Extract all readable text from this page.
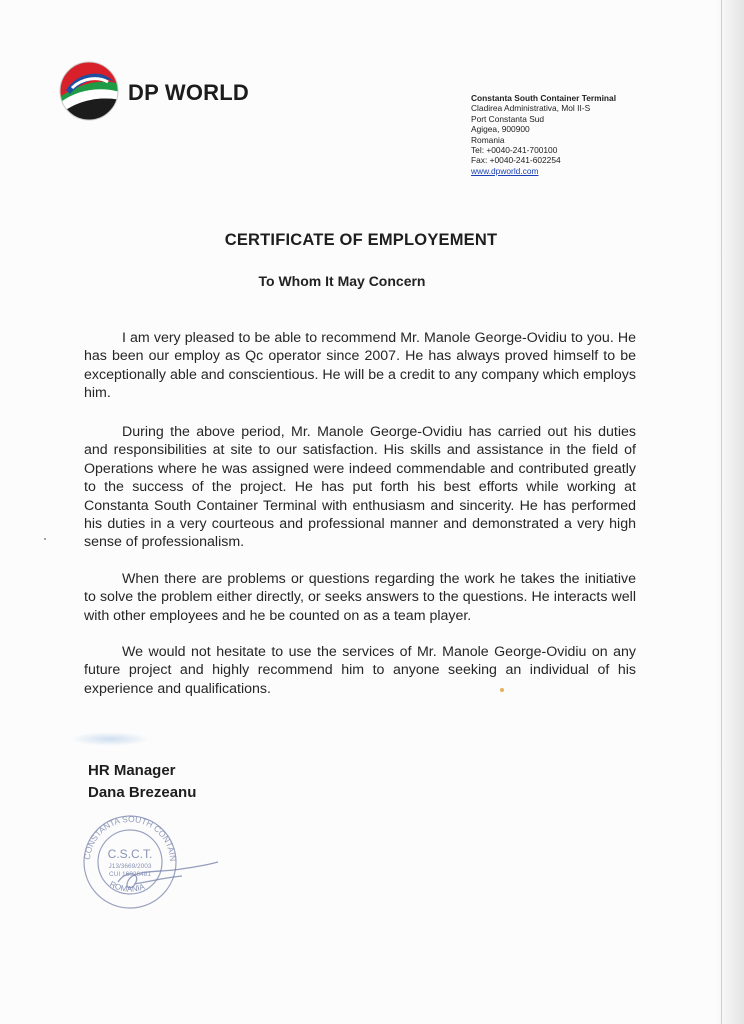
DP WORLD	Constanta South Container Terminal
Cladirea Administrativa, Mol II-S
Port Constanta Sud
Agigea, 900900
Romania
Tel: +0040-241-700100
Fax: +0040-241-602254
www.dpworld.com
CERTIFICATE OF EMPLOYEMENT
To Whom It May Concern

I am very pleased to be able to recommend Mr. Manole George-Ovidiu to you. He has been our employ as Qc operator since 2007. He has always proved himself to be exceptionally able and conscientious. He will be a credit to any company which employs him.

During the above period, Mr. Manole George-Ovidiu has carried out his duties and responsibilities at site to our satisfaction. His skills and assistance in the field of Operations where he was assigned were indeed commendable and contributed greatly to the success of the project. He has put forth his best efforts while working at Constanta South Container Terminal with enthusiasm and sincerity. He has performed his duties in a very courteous and professional manner and demonstrated a very high sense of professionalism.

When there are problems or questions regarding the work he takes the initiative to solve the problem either directly, or seeks answers to the questions. He interacts well with other employees and he be counted on as a team player.

We would not hesitate to use the services of Mr. Manole George-Ovidiu on any future project and highly recommend him to anyone seeking an individual of his experience and qualifications.

HR Manager
Dana Brezeanu
CONSTANTA SOUTH CONTAIN
C.S.C.T.
J13/3669/2003
CUI 16026481
ROMANIA
